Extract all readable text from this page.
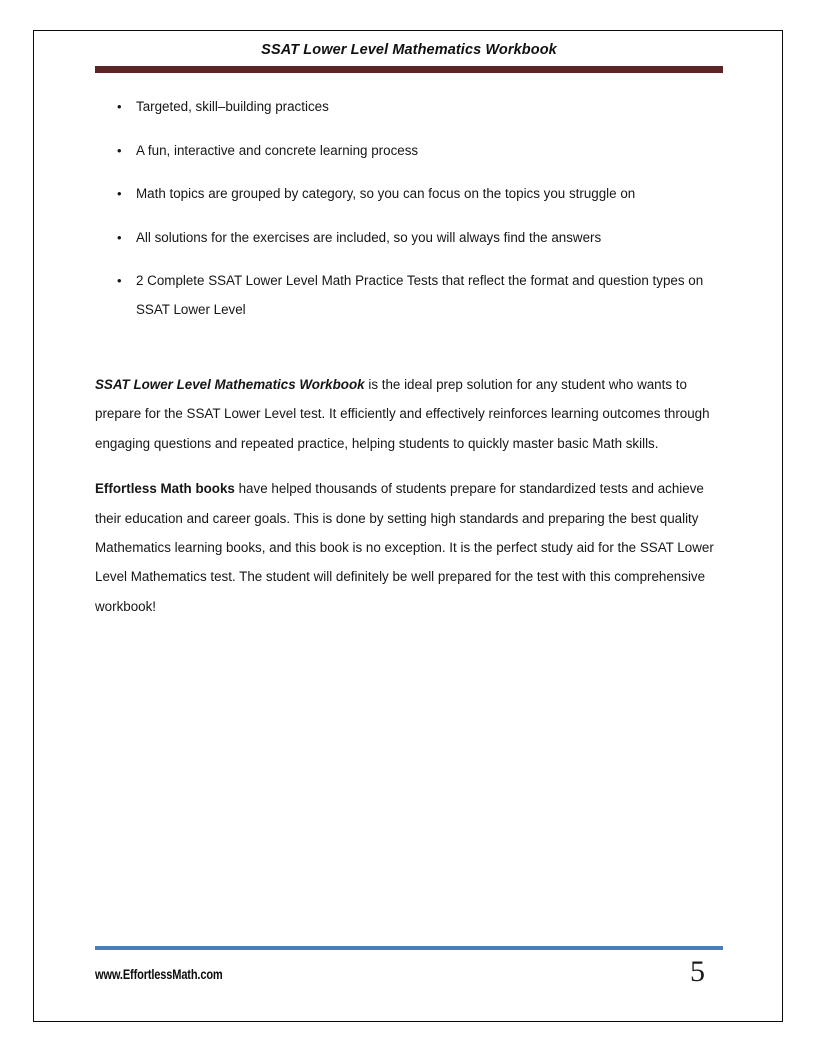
SSAT Lower Level Mathematics Workbook
• Targeted, skill–building practices
• A fun, interactive and concrete learning process
• Math topics are grouped by category, so you can focus on the topics you struggle on
• All solutions for the exercises are included, so you will always find the answers
• 2 Complete SSAT Lower Level Math Practice Tests that reflect the format and question types on SSAT Lower Level

SSAT Lower Level Mathematics Workbook is the ideal prep solution for any student who wants to prepare for the SSAT Lower Level test. It efficiently and effectively reinforces learning outcomes through engaging questions and repeated practice, helping students to quickly master basic Math skills.

Effortless Math books have helped thousands of students prepare for standardized tests and achieve their education and career goals. This is done by setting high standards and preparing the best quality Mathematics learning books, and this book is no exception. It is the perfect study aid for the SSAT Lower Level Mathematics test. The student will definitely be well prepared for the test with this comprehensive workbook!

www.EffortlessMath.com	5
